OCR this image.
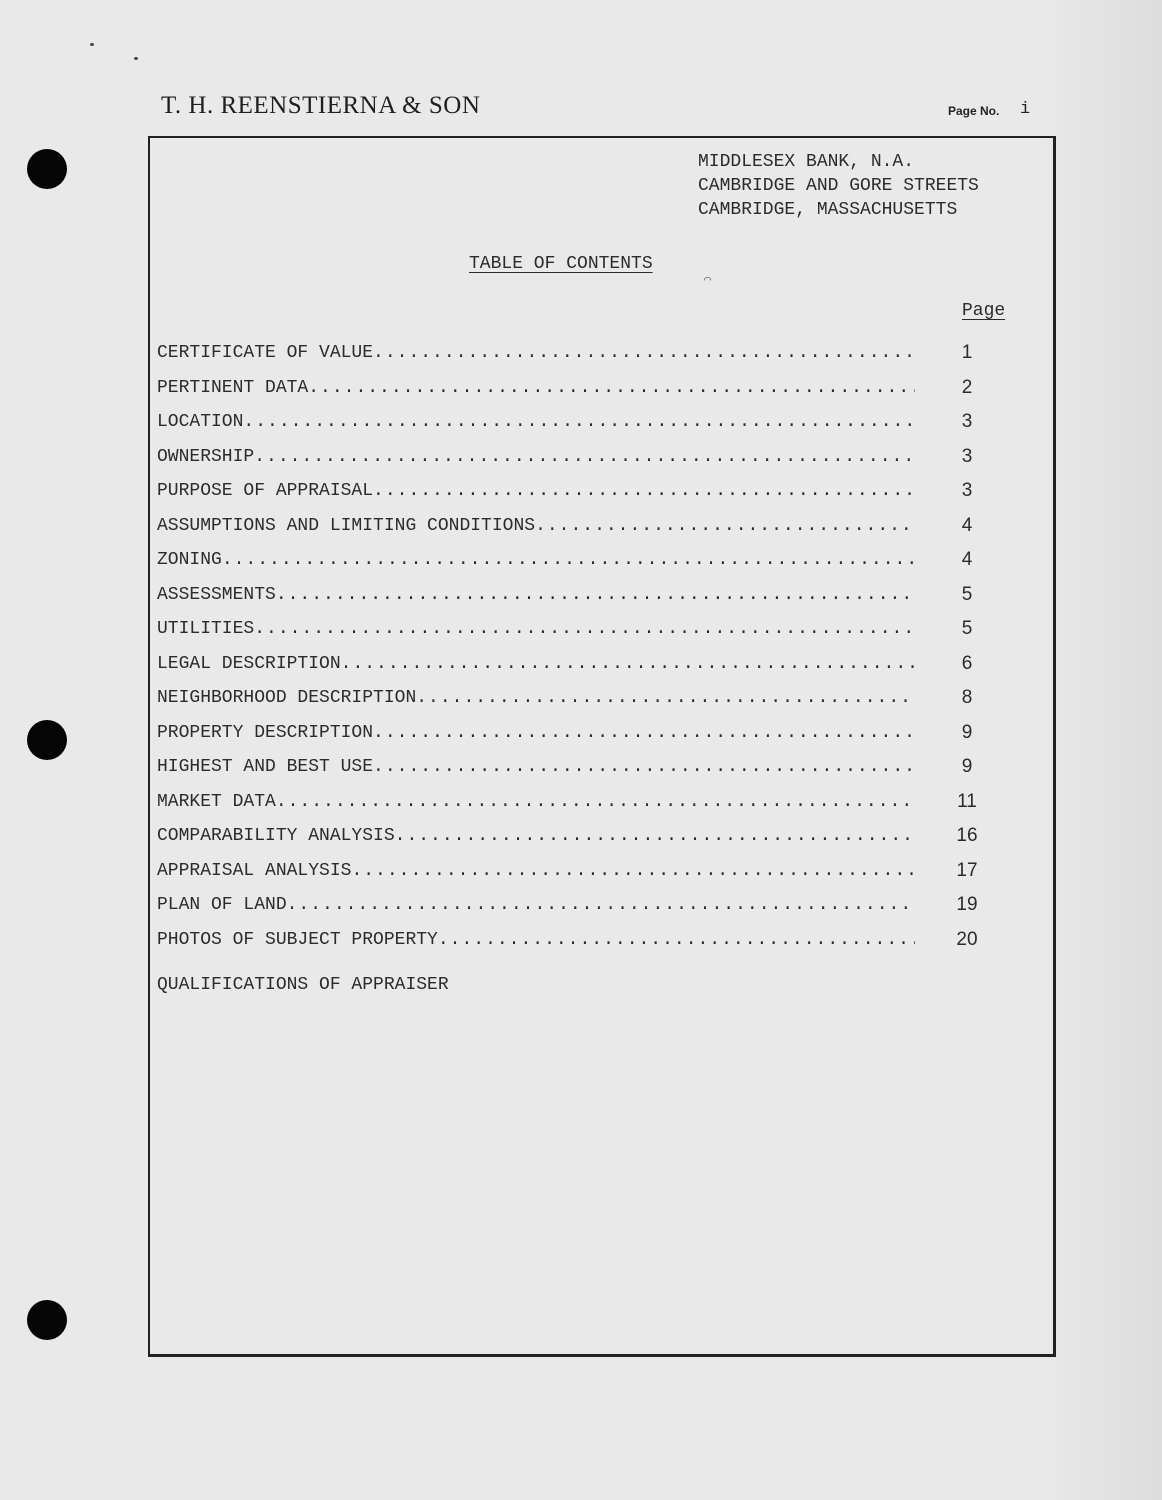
T. H. REENSTIERNA & SON	Page No. i
MIDDLESEX BANK, N.A.
CAMBRIDGE AND GORE STREETS
CAMBRIDGE, MASSACHUSETTS
TABLE OF CONTENTS
⌒
Page
CERTIFICATE OF VALUE .....	1
PERTINENT DATA .....	2
LOCATION .....	3
OWNERSHIP .....	3
PURPOSE OF APPRAISAL .....	3
ASSUMPTIONS AND LIMITING CONDITIONS .....	4
ZONING .....	4
ASSESSMENTS .....	5
UTILITIES .....	5
LEGAL DESCRIPTION .....	6
NEIGHBORHOOD DESCRIPTION .....	8
PROPERTY DESCRIPTION .....	9
HIGHEST AND BEST USE .....	9
MARKET DATA .....	11
COMPARABILITY ANALYSIS .....	16
APPRAISAL ANALYSIS .....	17
PLAN OF LAND .....	19
PHOTOS OF SUBJECT PROPERTY .....	20
QUALIFICATIONS OF APPRAISER
